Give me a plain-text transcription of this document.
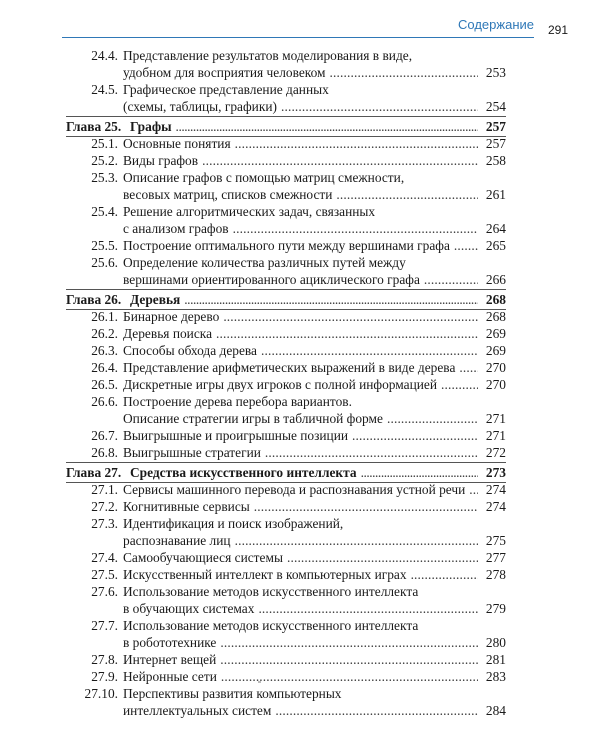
Содержание 291
24.4. Представление результатов моделирования в виде,
удобном для восприятия человеком . . .	253
24.5. Графическое представление данных
(схемы, таблицы, графики) . . .	254
Глава 25. Графы . . .	257
25.1. Основные понятия . . .	257
25.2. Виды графов . . .	258
25.3. Описание графов с помощью матриц смежности,
весовых матриц, списков смежности . . .	261
25.4. Решение алгоритмических задач, связанных
с анализом графов . . .	264
25.5. Построение оптимального пути между вершинами графа . . .	265
25.6. Определение количества различных путей между
вершинами ориентированного ациклического графа . . .	266
Глава 26. Деревья . . .	268
26.1. Бинарное дерево . . .	268
26.2. Деревья поиска . . .	269
26.3. Способы обхода дерева . . .	269
26.4. Представление арифметических выражений в виде дерева . . . 270
26.5. Дискретные игры двух игроков с полной информацией . . .	270
26.6. Построение дерева перебора вариантов.
Описание стратегии игры в табличной форме . . .	271
26.7. Выигрышные и проигрышные позиции . . .	271
26.8. Выигрышные стратегии . . .	272
Глава 27. Средства искусственного интеллекта . . .	273
27.1. Сервисы машинного перевода и распознавания устной речи . . . 274
27.2. Когнитивные сервисы . . .	274
27.3. Идентификация и поиск изображений,
распознавание лиц . . .	275
27.4. Самообучающиеся системы . . .	277
27.5. Искусственный интеллект в компьютерных играх . . .	278
27.6. Использование методов искусственного интеллекта
в обучающих системах . . .	279
27.7. Использование методов искусственного интеллекта
в робототехнике . . .	280
27.8. Интернет вещей . . .	281
27.9. Нейронные сети . . .	283
27.10. Перспективы развития компьютерных
интеллектуальных систем . . .	284
